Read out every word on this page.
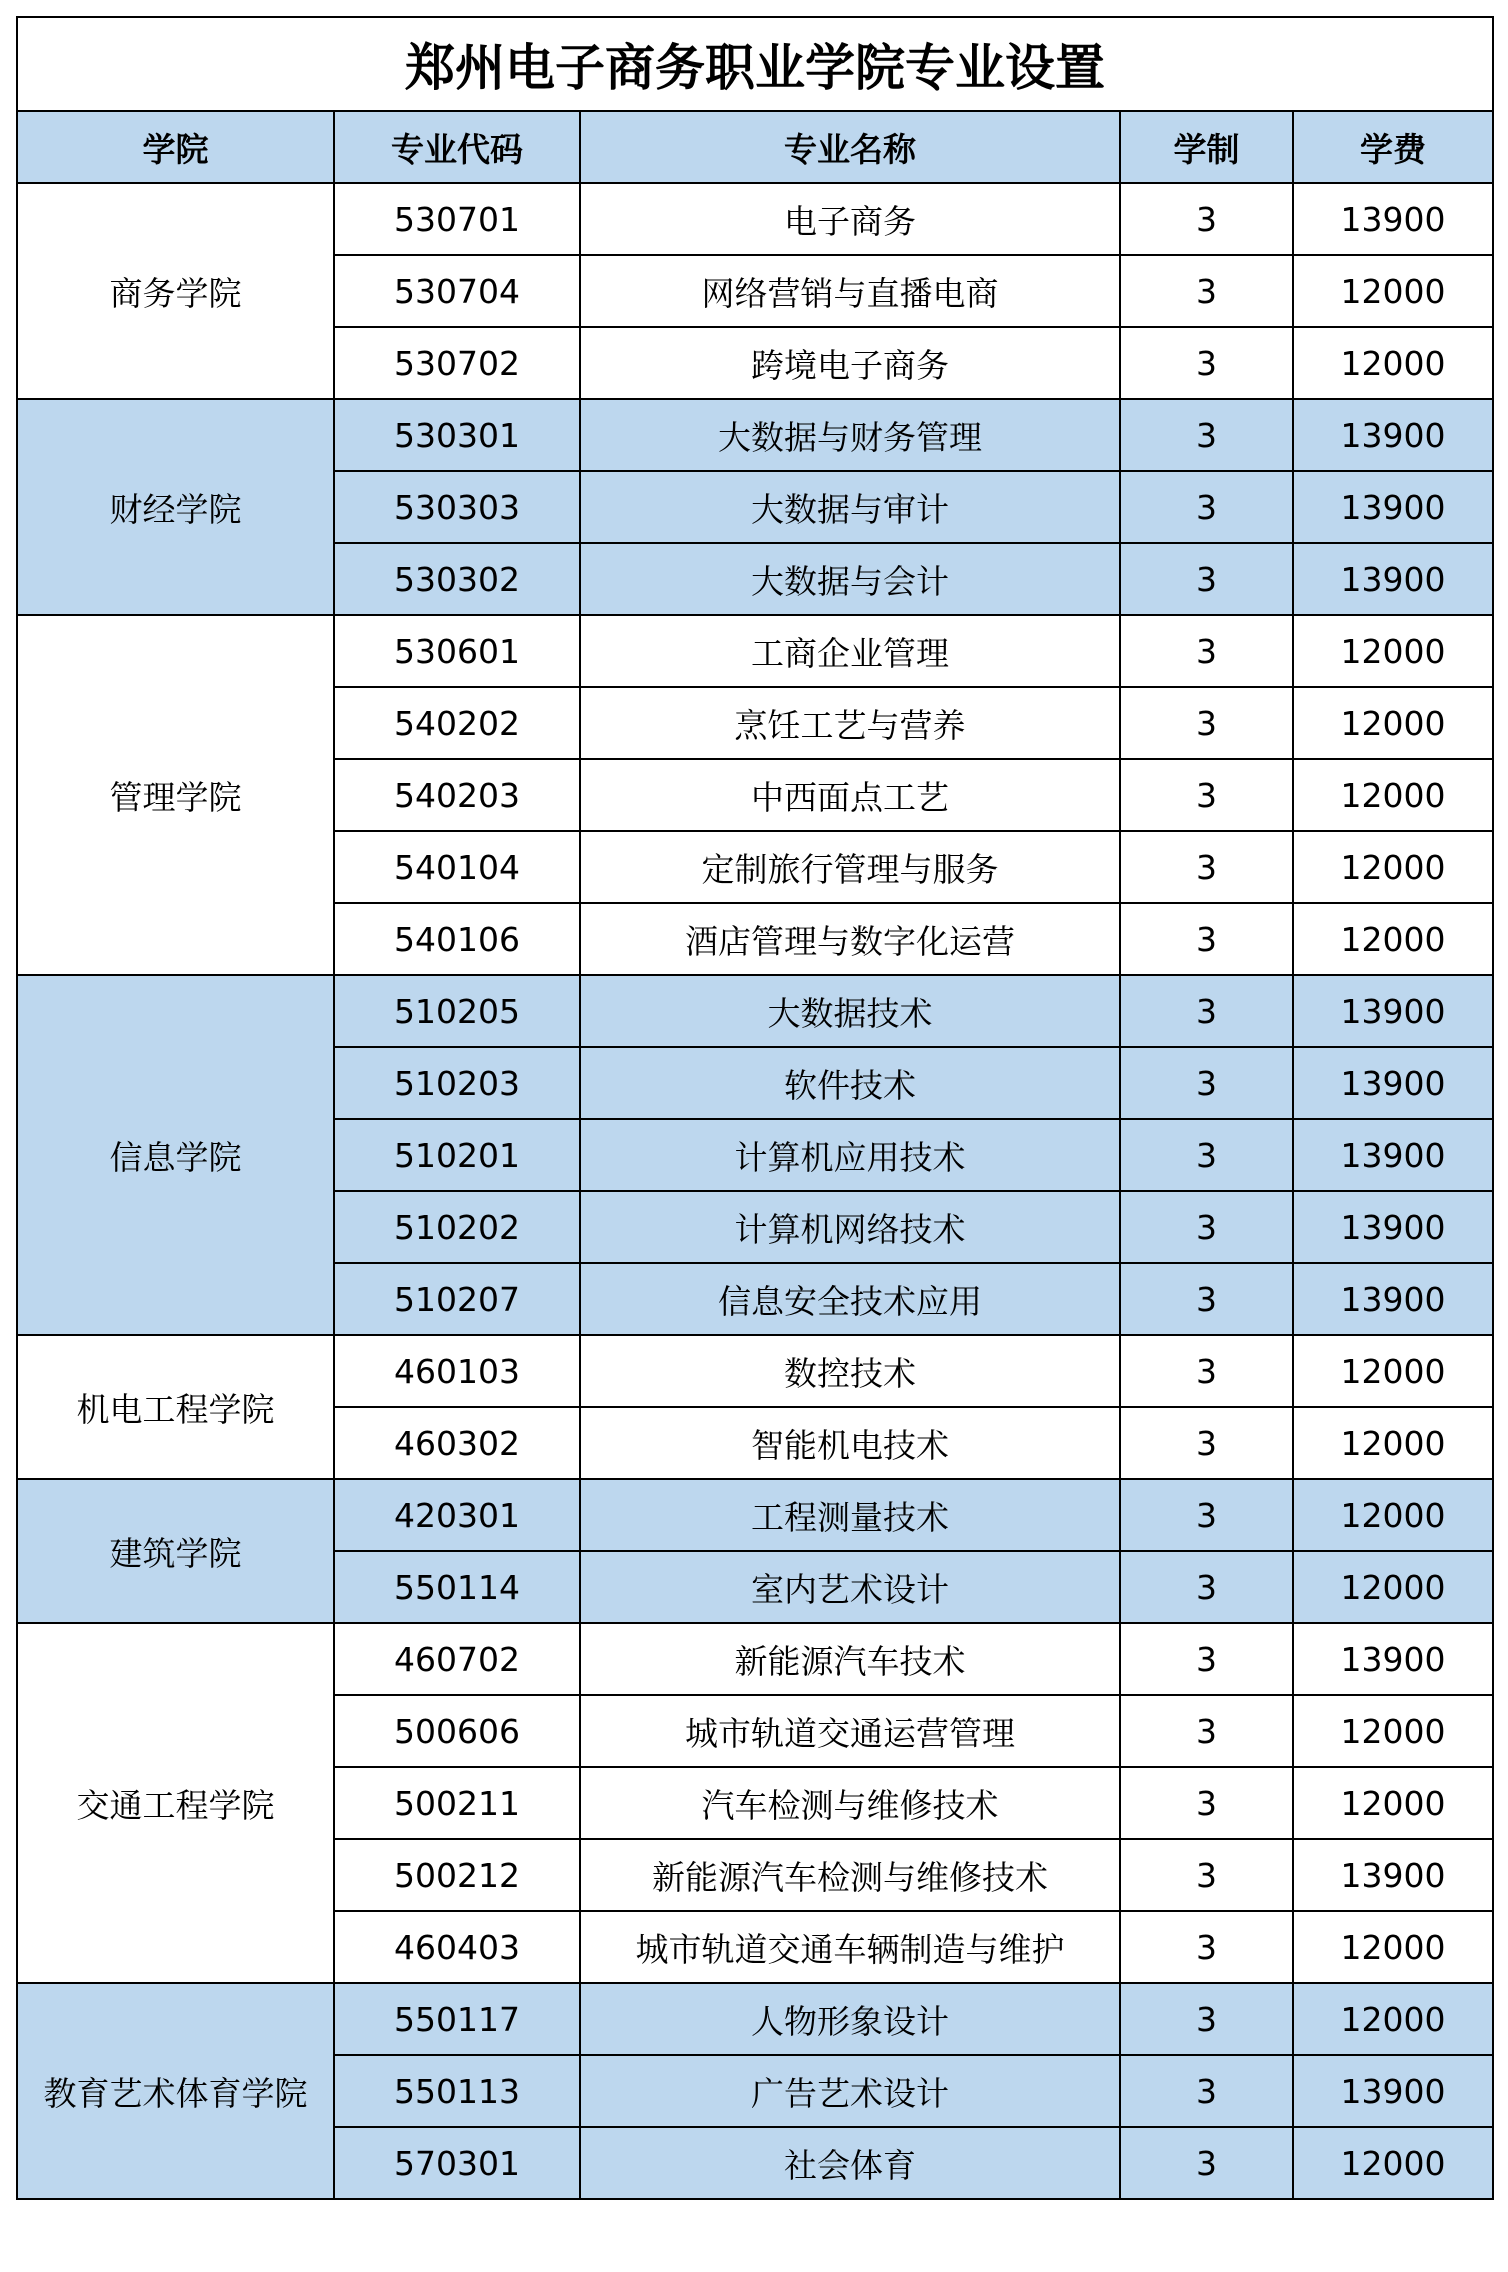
郑州电子商务职业学院专业设置				
学院	专业代码	专业名称	学制	学费
商务学院	530701	电子商务	3	13900
	530704	网络营销与直播电商	3	12000
	530702	跨境电子商务	3	12000
财经学院	530301	大数据与财务管理	3	13900
	530303	大数据与审计	3	13900
	530302	大数据与会计	3	13900
管理学院	530601	工商企业管理	3	12000
	540202	烹饪工艺与营养	3	12000
	540203	中西面点工艺	3	12000
	540104	定制旅行管理与服务	3	12000
	540106	酒店管理与数字化运营	3	12000
信息学院	510205	大数据技术	3	13900
	510203	软件技术	3	13900
	510201	计算机应用技术	3	13900
	510202	计算机网络技术	3	13900
	510207	信息安全技术应用	3	13900
机电工程学院	460103	数控技术	3	12000
	460302	智能机电技术	3	12000
建筑学院	420301	工程测量技术	3	12000
	550114	室内艺术设计	3	12000
交通工程学院	460702	新能源汽车技术	3	13900
	500606	城市轨道交通运营管理	3	12000
	500211	汽车检测与维修技术	3	12000
	500212	新能源汽车检测与维修技术	3	13900
	460403	城市轨道交通车辆制造与维护	3	12000
教育艺术体育学院	550117	人物形象设计	3	12000
	550113	广告艺术设计	3	13900
	570301	社会体育	3	12000
